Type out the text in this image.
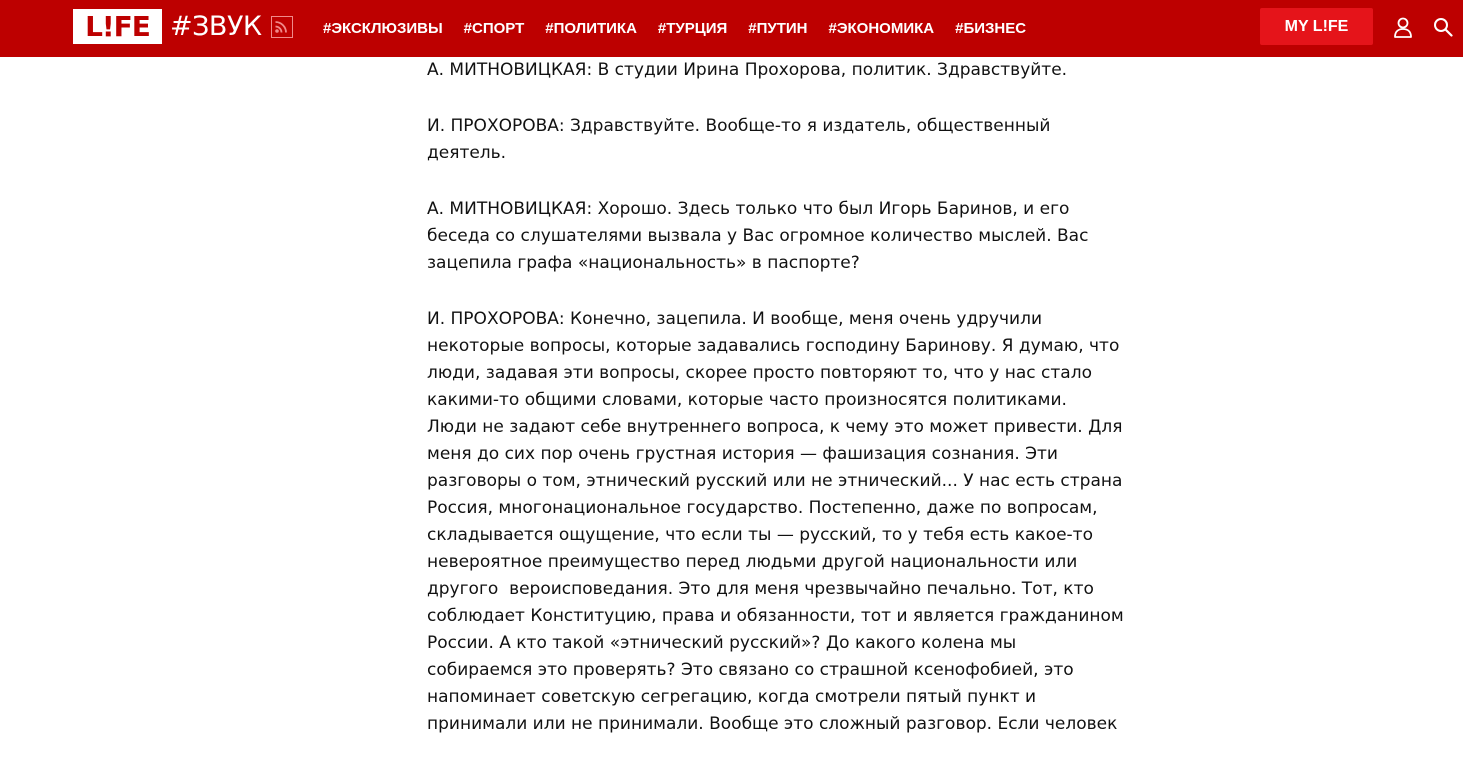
L!FE #ЗВУК	#ЭКСКЛЮЗИВЫ #СПОРТ #ПОЛИТИКА #ТУРЦИЯ #ПУТИН #ЭКОНОМИКА #БИЗНЕС	MY L!FE

А. МИТНОВИЦКАЯ: В студии Ирина Прохорова, политик. Здравствуйте.

И. ПРОХОРОВА: Здравствуйте. Вообще-то я издатель, общественный
деятель.

А. МИТНОВИЦКАЯ: Хорошо. Здесь только что был Игорь Баринов, и его
беседа со слушателями вызвала у Вас огромное количество мыслей. Вас
зацепила графа «национальность» в паспорте?

И. ПРОХОРОВА: Конечно, зацепила. И вообще, меня очень удручили
некоторые вопросы, которые задавались господину Баринову. Я думаю, что
люди, задавая эти вопросы, скорее просто повторяют то, что у нас стало
какими-то общими словами, которые часто произносятся политиками.
Люди не задают себе внутреннего вопроса, к чему это может привести. Для
меня до сих пор очень грустная история — фашизация сознания. Эти
разговоры о том, этнический русский или не этнический... У нас есть страна
Россия, многонациональное государство. Постепенно, даже по вопросам,
складывается ощущение, что если ты — русский, то у тебя есть какое-то
невероятное преимущество перед людьми другой национальности или
другого  вероисповедания. Это для меня чрезвычайно печально. Тот, кто
соблюдает Конституцию, права и обязанности, тот и является гражданином
России. А кто такой «этнический русский»? До какого колена мы
собираемся это проверять? Это связано со страшной ксенофобией, это
напоминает советскую сегрегацию, когда смотрели пятый пункт и
принимали или не принимали. Вообще это сложный разговор. Если человек
